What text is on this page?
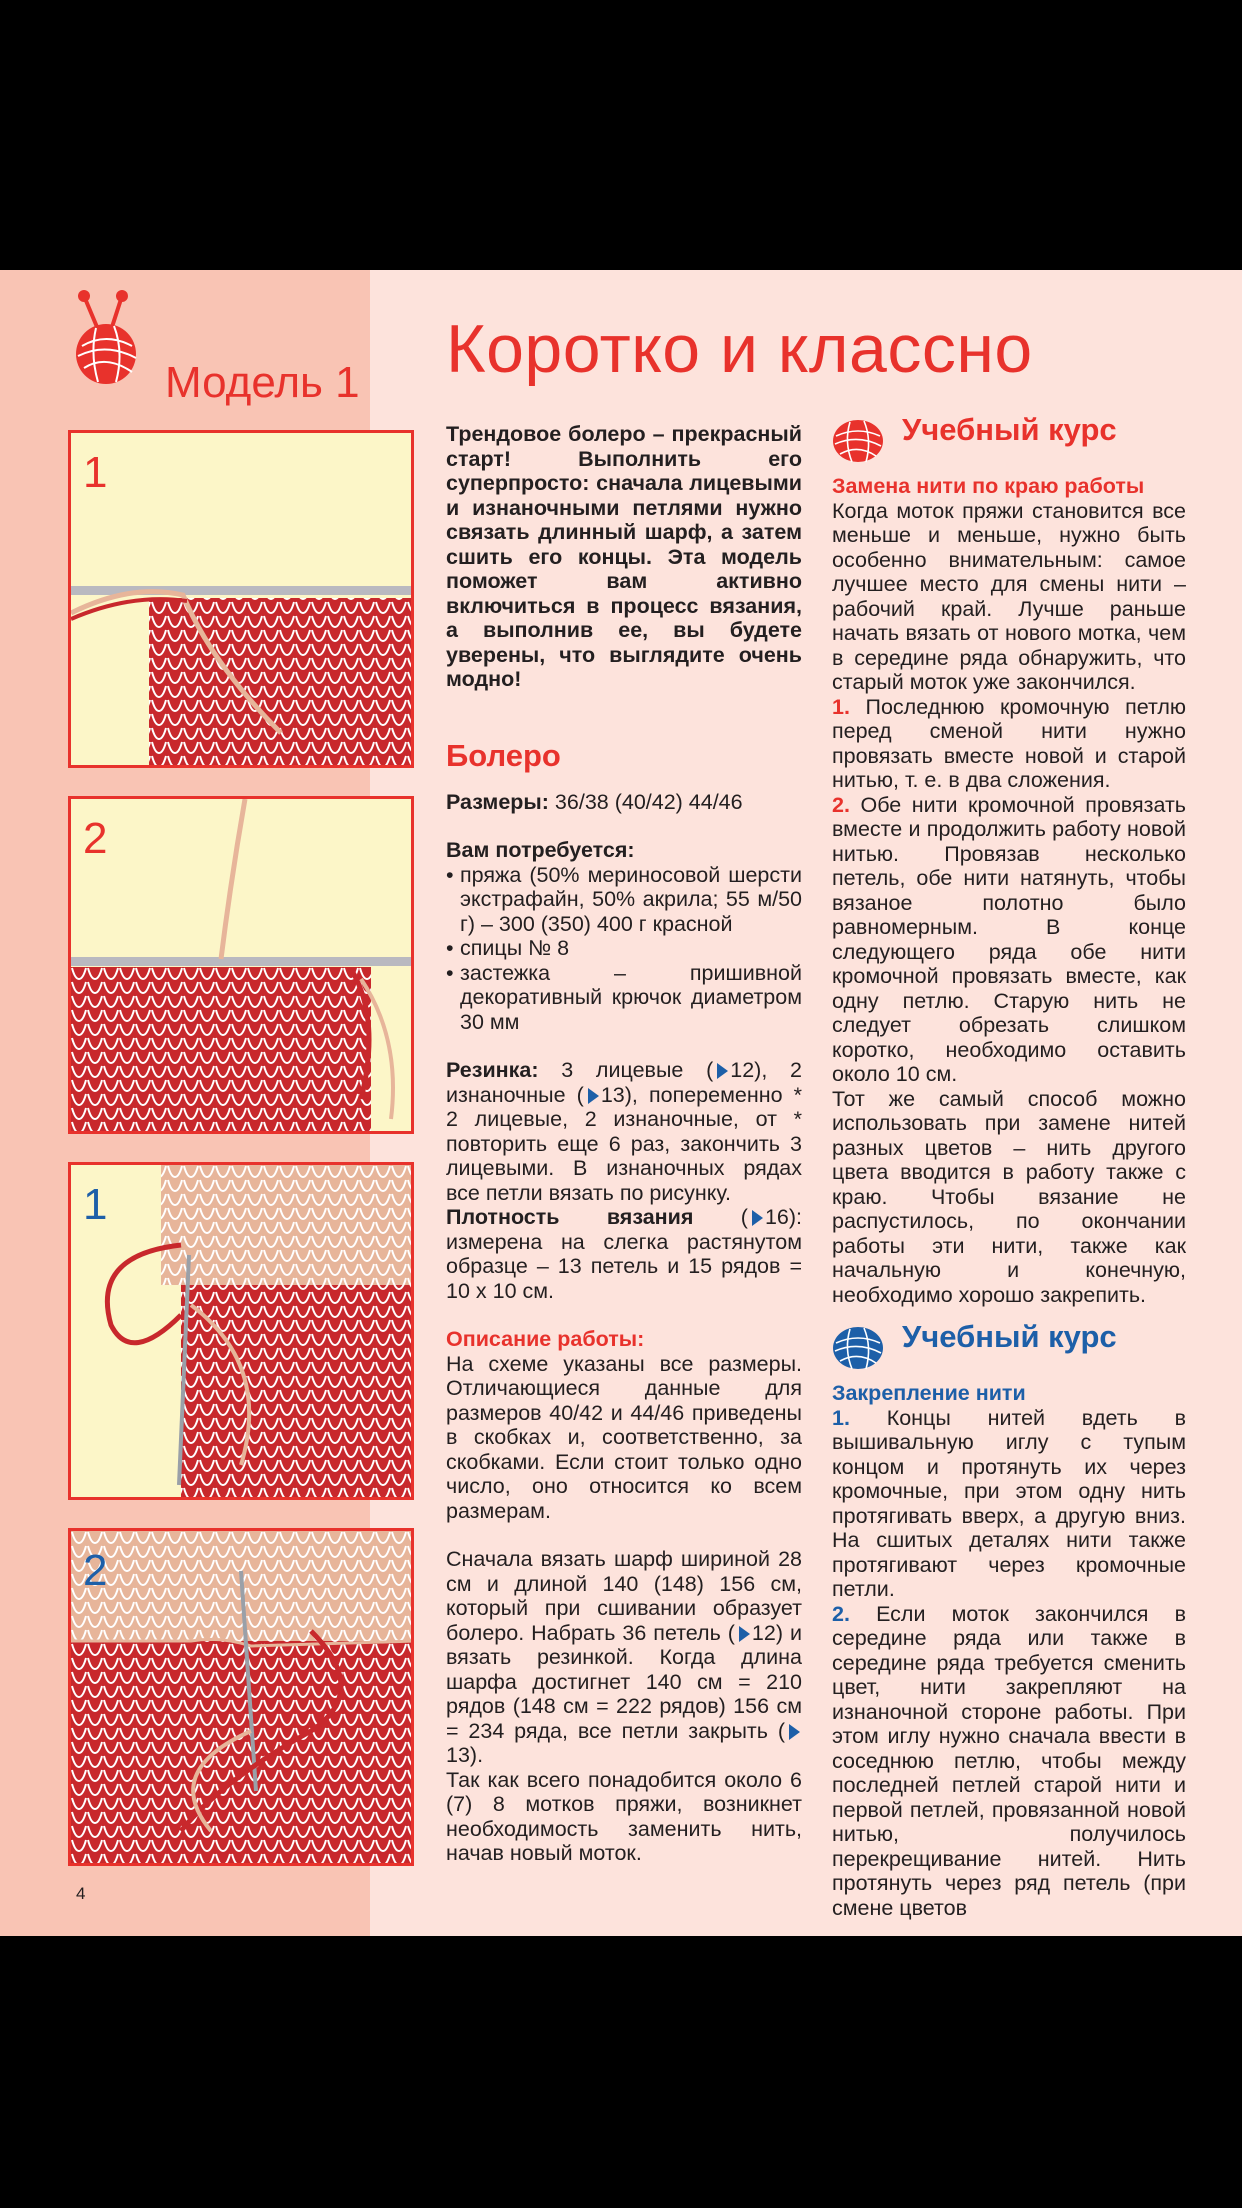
Модель 1 Коротко и классно
1
2
1
2

Трендовое болеро – прекрасный старт! Выполнить его суперпросто: сначала лицевыми и изнаночными петлями нужно связать длинный шарф, а затем сшить его концы. Эта модель поможет вам активно включиться в процесс вязания, а выполнив ее, вы будете уверены, что выглядите очень модно!

Болеро

Размеры: 36/38 (40/42) 44/46

Вам потребуется:

• пряжа (50% мериносовой шерсти экстрафайн, 50% акрила; 55 м/50 г) – 300 (350) 400 г красной
• спицы № 8
• застежка – пришивной декоративный крючок диаметром 30 мм

Резинка: 3 лицевые ( 12), 2 изнаночные ( 13), попеременно * 2 лицевые, 2 изнаночные, от * повторить еще 6 раз, закончить 3 лицевыми. В изнаночных рядах все петли вязать по рисунку.

Плотность вязания ( 16): измерена на слегка растянутом образце – 13 петель и 15 рядов = 10 х 10 см.

Описание работы:

На схеме указаны все размеры. Отличающиеся данные для размеров 40/42 и 44/46 приведены в скобках и, соответственно, за скобками. Если стоит только одно число, оно относится ко всем размерам.

Сначала вязать шарф шириной 28 см и длиной 140 (148) 156 см, который при сшивании образует болеро. Набрать 36 петель ( 12) и вязать резинкой. Когда длина шарфа достигнет 140 см = 210 рядов (148 см = 222 рядов) 156 см = 234 ряда, все петли закрыть (13).

Так как всего понадобится около 6 (7) 8 мотков пряжи, возникнет необходимость заменить нить, начав новый моток.

Учебный курс

Замена нити по краю работы

Когда моток пряжи становится все меньше и меньше, нужно быть особенно внимательным: самое лучшее место для смены нити – рабочий край. Лучше раньше начать вязать от нового мотка, чем в середине ряда обнаружить, что старый моток уже закончился.

1. Последнюю кромочную петлю перед сменой нити нужно провязать вместе новой и старой нитью, т. е. в два сложения.

2. Обе нити кромочной провязать вместе и продолжить работу новой нитью. Провязав несколько петель, обе нити натянуть, чтобы вязаное полотно было равномерным. В конце следующего ряда обе нити кромочной провязать вместе, как одну петлю. Старую нить не следует обрезать слишком коротко, необходимо оставить около 10 см.

Тот же самый способ можно использовать при замене нитей разных цветов – нить другого цвета вводится в работу также с краю. Чтобы вязание не распустилось, по окончании работы эти нити, также как начальную и конечную, необходимо хорошо закрепить.

Учебный курс

Закрепление нити

1. Концы нитей вдеть в вышивальную иглу с тупым концом и протянуть их через кромочные, при этом одну нить протягивать вверх, а другую вниз. На сшитых деталях нити также протягивают через кромочные петли.

2. Если моток закончился в середине ряда или также в середине ряда требуется сменить цвет, нити закрепляют на изнаночной стороне работы. При этом иглу нужно сначала ввести в соседнюю петлю, чтобы между последней петлей старой нити и первой петлей, провязанной новой нитью, получилось перекрещивание нитей. Нить протянуть через ряд петель (при смене цветов

4
